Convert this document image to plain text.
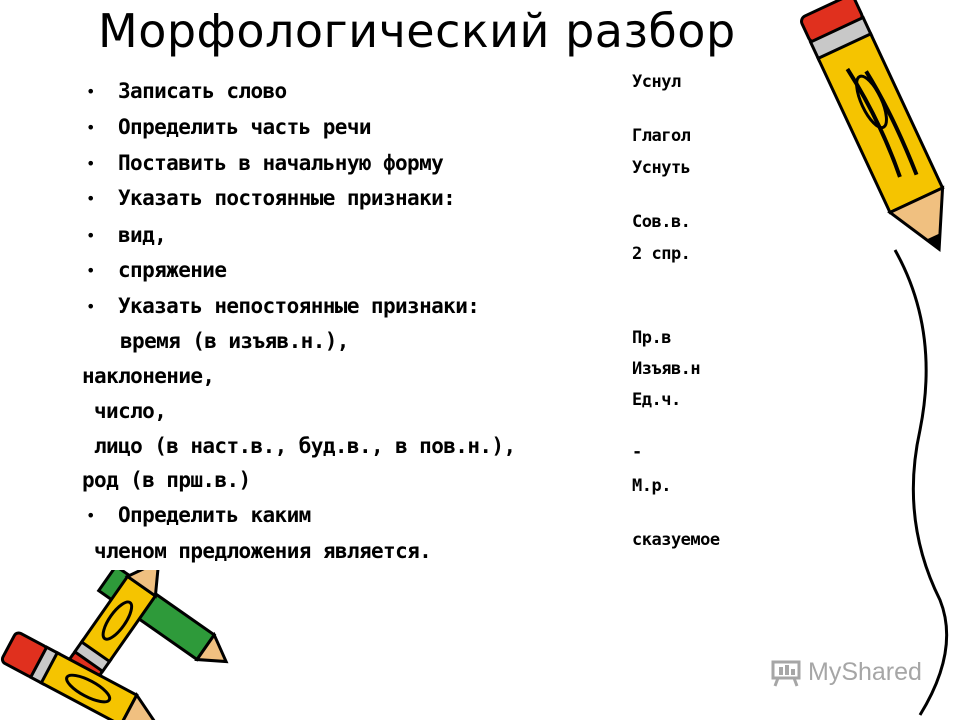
Морфологический разбор
• Записать слово
• Определить часть речи
• Поставить в начальную форму
• Указать постоянные признаки:
• вид,
• спряжение
• Указать непостоянные признаки:
время (в изъяв.н.),
наклонение,
число,
лицо (в наст.в., буд.в., в пов.н.),
род (в прш.в.)
• Определить каким
членом предложения является.
Уснул
Глагол
Уснуть
Сов.в.
2 спр.
Пр.в
Изъяв.н
Ед.ч.
-
М.р.
сказуемое
MyShared
